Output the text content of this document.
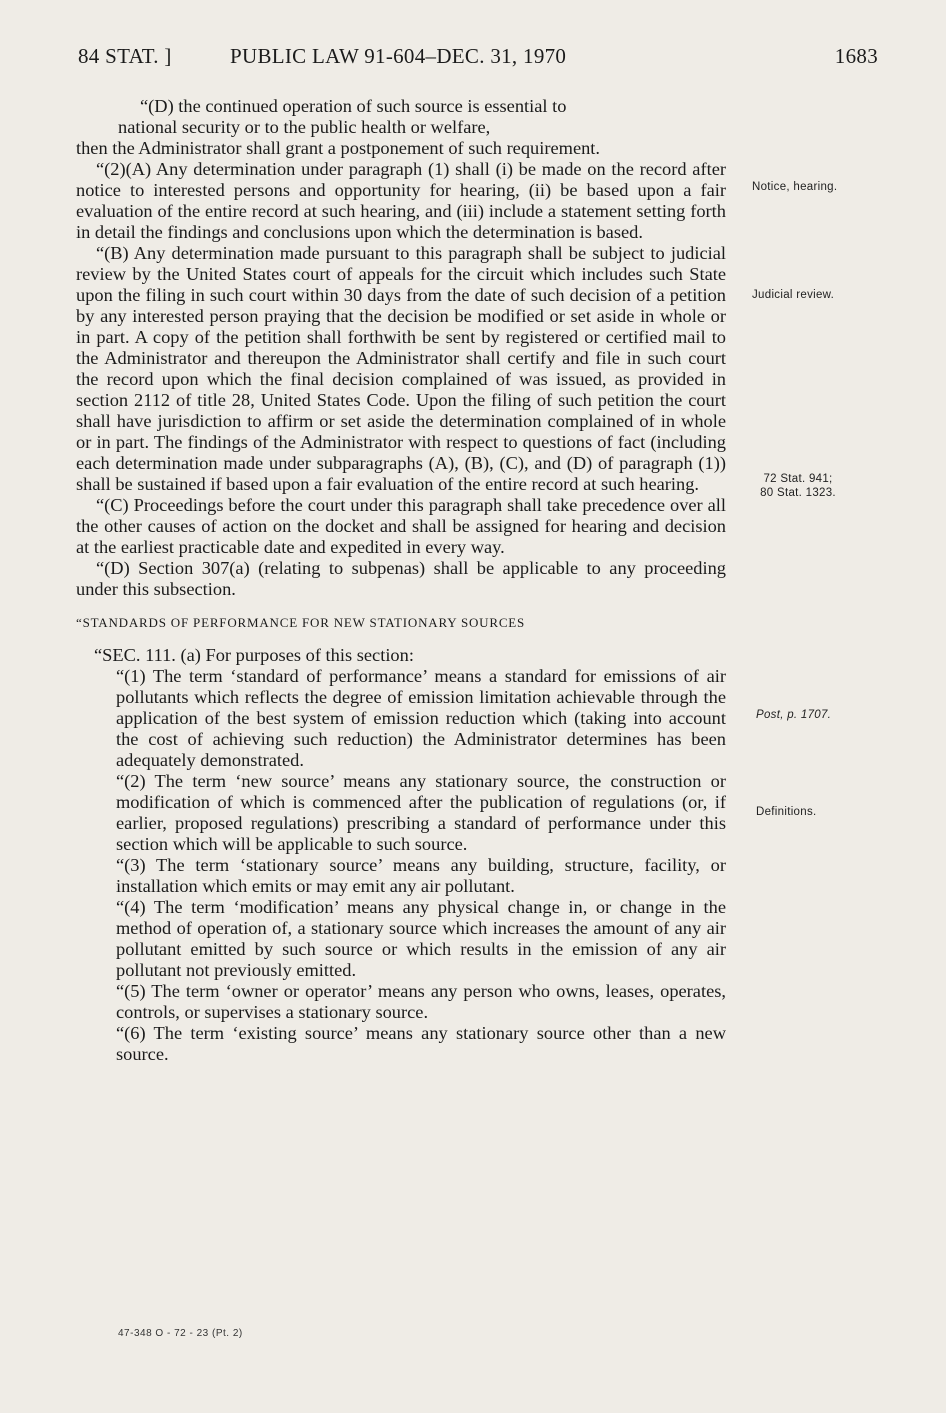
84 STAT. ]	PUBLIC LAW 91-604–DEC. 31, 1970	1683

“(D) the continued operation of such source is essential to

national security or to the public health or welfare,

then the Administrator shall grant a postponement of such requirement.

“(2)(A) Any determination under paragraph (1) shall (i) be made on the record after notice to interested persons and opportunity for hearing, (ii) be based upon a fair evaluation of the entire record at such hearing, and (iii) include a statement setting forth in detail the findings and conclusions upon which the determination is based.

“(B) Any determination made pursuant to this paragraph shall be subject to judicial review by the United States court of appeals for the circuit which includes such State upon the filing in such court within 30 days from the date of such decision of a petition by any interested person praying that the decision be modified or set aside in whole or in part. A copy of the petition shall forthwith be sent by registered or certified mail to the Administrator and thereupon the Administrator shall certify and file in such court the record upon which the final decision complained of was issued, as provided in section 2112 of title 28, United States Code. Upon the filing of such petition the court shall have jurisdiction to affirm or set aside the determination complained of in whole or in part. The findings of the Administrator with respect to questions of fact (including each determination made under subparagraphs (A), (B), (C), and (D) of paragraph (1)) shall be sustained if based upon a fair evaluation of the entire record at such hearing.

“(C) Proceedings before the court under this paragraph shall take precedence over all the other causes of action on the docket and shall be assigned for hearing and decision at the earliest practicable date and expedited in every way.

“(D) Section 307(a) (relating to subpenas) shall be applicable to any proceeding under this subsection.

“STANDARDS OF PERFORMANCE FOR NEW STATIONARY SOURCES

“SEC. 111. (a) For purposes of this section:

“(1) The term ‘standard of performance’ means a standard for emissions of air pollutants which reflects the degree of emission limitation achievable through the application of the best system of emission reduction which (taking into account the cost of achieving such reduction) the Administrator determines has been adequately demonstrated.

“(2) The term ‘new source’ means any stationary source, the construction or modification of which is commenced after the publication of regulations (or, if earlier, proposed regulations) prescribing a standard of performance under this section which will be applicable to such source.

“(3) The term ‘stationary source’ means any building, structure, facility, or installation which emits or may emit any air pollutant.

“(4) The term ‘modification’ means any physical change in, or change in the method of operation of, a stationary source which increases the amount of any air pollutant emitted by such source or which results in the emission of any air pollutant not previously emitted.

“(5) The term ‘owner or operator’ means any person who owns, leases, operates, controls, or supervises a stationary source.

“(6) The term ‘existing source’ means any stationary source other than a new source.

Notice, hearing.
Judicial review.
72 Stat. 941;
80 Stat. 1323.
Post, p. 1707.
Definitions.
47-348 O - 72 - 23 (Pt. 2)
